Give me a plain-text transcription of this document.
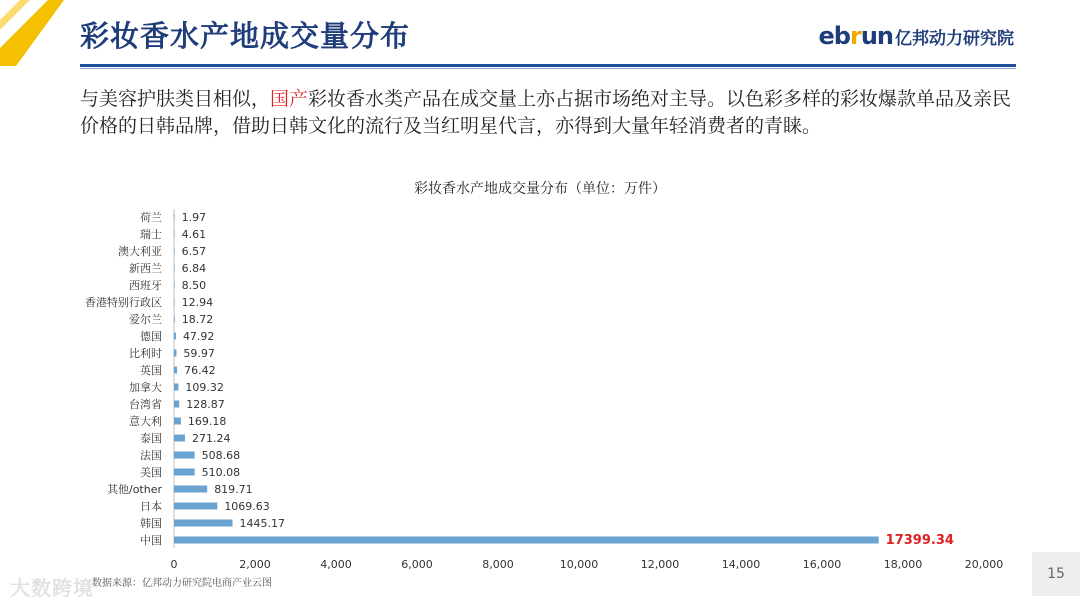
彩妆香水产地成交量分布	ebrun 亿邦动力研究院
与美容护肤类目相似，国产彩妆香水类产品在成交量上亦占据市场绝对主导。以色彩多样的彩妆爆款单品及亲民价格的日韩品牌，借助日韩文化的流行及当红明星代言，亦得到大量年轻消费者的青睐。
彩妆香水产地成交量分布（单位：万件）
荷兰 1.97
瑞士 4.61
澳大利亚 6.57
新西兰 6.84
西班牙 8.50
香港特别行政区 12.94
爱尔兰 18.72
德国 47.92
比利时 59.97
英国 76.42
加拿大 109.32
台湾省 128.87
意大利 169.18
泰国	271.24
法国	508.68
美国	510.08
其他/other	819.71
日本	1069.63
韩国	1445.17
中国	17399.34
0	2,000	4,000	6,000	8,000	10,000	12,000	14,000	16,000	18,000	20,000
大数跨境
数据来源：亿邦动力研究院电商产业云图
15
